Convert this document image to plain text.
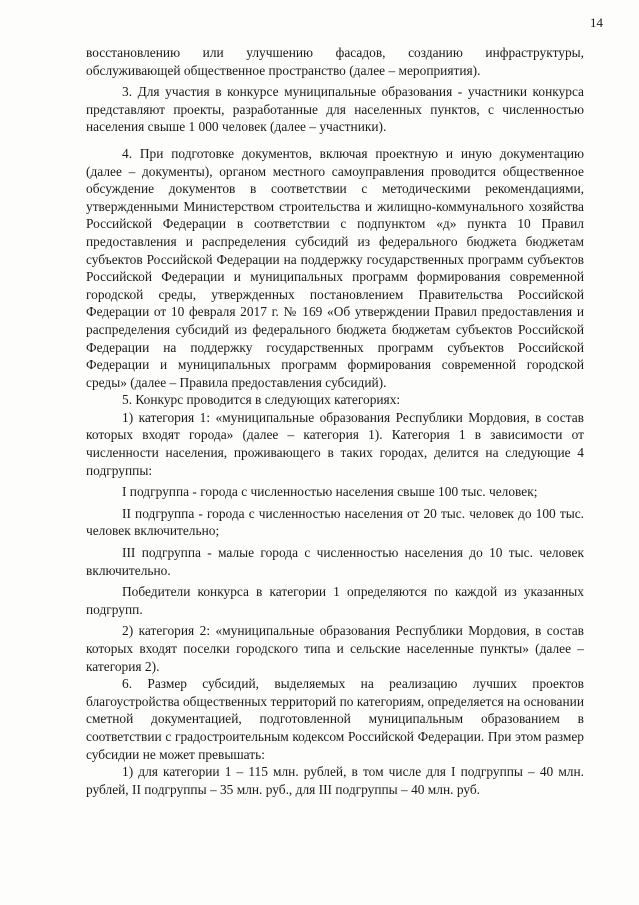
14

восстановлению или улучшению фасадов, созданию инфраструктуры, обслуживающей общественное пространство (далее – мероприятия).

3. Для участия в конкурсе муниципальные образования - участники конкурса представляют проекты, разработанные для населенных пунктов, с численностью населения свыше 1 000 человек (далее – участники).

4. При подготовке документов, включая проектную и иную документацию (далее – документы), органом местного самоуправления проводится общественное обсуждение документов в соответствии с методическими рекомендациями, утвержденными Министерством строительства и жилищно-коммунального хозяйства Российской Федерации в соответствии с подпунктом «д» пункта 10 Правил предоставления и распределения субсидий из федерального бюджета бюджетам субъектов Российской Федерации на поддержку государственных программ субъектов Российской Федерации и муниципальных программ формирования современной городской среды, утвержденных постановлением Правительства Российской Федерации от 10 февраля 2017 г. № 169 «Об утверждении Правил предоставления и распределения субсидий из федерального бюджета бюджетам субъектов Российской Федерации на поддержку государственных программ субъектов Российской Федерации и муниципальных программ формирования современной городской среды» (далее – Правила предоставления субсидий).

5. Конкурс проводится в следующих категориях:

1) категория 1: «муниципальные образования Республики Мордовия, в состав которых входят города» (далее – категория 1). Категория 1 в зависимости от численности населения, проживающего в таких городах, делится на следующие 4 подгруппы:

I подгруппа - города с численностью населения свыше 100 тыс. человек;

II подгруппа - города с численностью населения от 20 тыс. человек до 100 тыс. человек включительно;

III подгруппа - малые города с численностью населения до 10 тыс. человек включительно.

Победители конкурса в категории 1 определяются по каждой из указанных подгрупп.

2) категория 2: «муниципальные образования Республики Мордовия, в состав которых входят поселки городского типа и сельские населенные пункты» (далее – категория 2).

6. Размер субсидий, выделяемых на реализацию лучших проектов благоустройства общественных территорий по категориям, определяется на основании сметной документацией, подготовленной муниципальным образованием в соответствии с градостроительным кодексом Российской Федерации. При этом размер субсидии не может превышать:

1) для категории 1 – 115 млн. рублей, в том числе для I подгруппы – 40 млн. рублей, II подгруппы – 35 млн. руб., для III подгруппы – 40 млн. руб.
